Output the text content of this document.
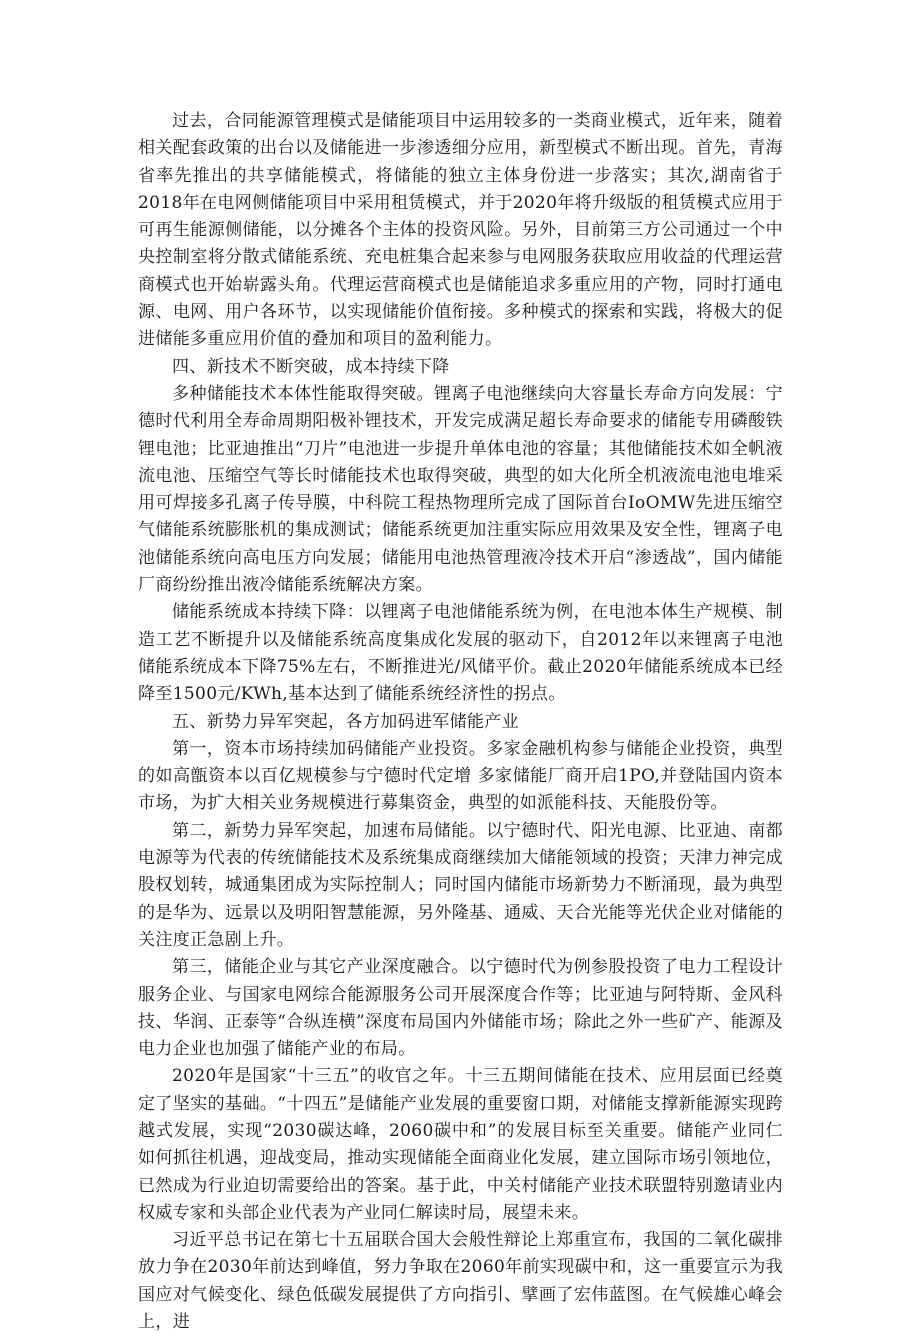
过去，合同能源管理模式是储能项目中运用较多的一类商业模式，近年来，随着相关配套政策的出台以及储能进一步渗透细分应用，新型模式不断出现。首先，青海省率先推出的共享储能模式，将储能的独立主体身份进一步落实；其次,湖南省于2018年在电网侧储能项目中采用租赁模式，并于2020年将升级版的租赁模式应用于可再生能源侧储能，以分摊各个主体的投资风险。另外，目前第三方公司通过一个中央控制室将分散式储能系统、充电桩集合起来参与电网服务获取应用收益的代理运营商模式也开始崭露头角。代理运营商模式也是储能追求多重应用的产物，同时打通电源、电网、用户各环节，以实现储能价值衔接。多种模式的探索和实践，将极大的促进储能多重应用价值的叠加和项目的盈利能力。

四、新技术不断突破，成本持续下降

多种储能技术本体性能取得突破。锂离子电池继续向大容量长寿命方向发展：宁德时代利用全寿命周期阳极补锂技术，开发完成满足超长寿命要求的储能专用磷酸铁锂电池；比亚迪推出“刀片”电池进一步提升单体电池的容量；其他储能技术如全帆液流电池、压缩空气等长时储能技术也取得突破，典型的如大化所全机液流电池电堆采用可焊接多孔离子传导膜，中科院工程热物理所完成了国际首台IoOMW先进压缩空气储能系统膨胀机的集成测试；储能系统更加注重实际应用效果及安全性，锂离子电池储能系统向高电压方向发展；储能用电池热管理液冷技术开启“渗透战”，国内储能厂商纷纷推出液冷储能系统解决方案。

储能系统成本持续下降：以锂离子电池储能系统为例，在电池本体生产规模、制造工艺不断提升以及储能系统高度集成化发展的驱动下，自2012年以来锂离子电池储能系统成本下降75%左右，不断推进光/风储平价。截止2020年储能系统成本已经降至1500元/KWh,基本达到了储能系统经济性的拐点。

五、新势力异军突起，各方加码进军储能产业

第一，资本市场持续加码储能产业投资。多家金融机构参与储能企业投资，典型的如高甑资本以百亿规模参与宁德时代定增 多家储能厂商开启1PO,并登陆国内资本市场，为扩大相关业务规模进行募集资金，典型的如派能科技、天能股份等。

第二，新势力异军突起，加速布局储能。以宁德时代、阳光电源、比亚迪、南都电源等为代表的传统储能技术及系统集成商继续加大储能领域的投资；天津力神完成股权划转，城通集团成为实际控制人；同时国内储能市场新势力不断涌现，最为典型的是华为、远景以及明阳智慧能源，另外隆基、通威、天合光能等光伏企业对储能的关注度正急剧上升。

第三，储能企业与其它产业深度融合。以宁德时代为例参股投资了电力工程设计服务企业、与国家电网综合能源服务公司开展深度合作等；比亚迪与阿特斯、金风科技、华润、正泰等“合纵连横”深度布局国内外储能市场；除此之外一些矿产、能源及电力企业也加强了储能产业的布局。

2020年是国家“十三五”的收官之年。十三五期间储能在技术、应用层面已经奠定了坚实的基础。“十四五”是储能产业发展的重要窗口期，对储能支撑新能源实现跨越式发展，实现“2030碳达峰，2060碳中和”的发展目标至关重要。储能产业同仁如何抓往机遇，迎战变局，推动实现储能全面商业化发展，建立国际市场引领地位，已然成为行业迫切需要给出的答案。基于此，中关村储能产业技术联盟特别邀请业内权威专家和头部企业代表为产业同仁解读时局，展望未来。

习近平总书记在第七十五届联合国大会般性辩论上郑重宣布，我国的二氧化碳排放力争在2030年前达到峰值，努力争取在2060年前实现碳中和，这一重要宣示为我国应对气候变化、绿色低碳发展提供了方向指引、擘画了宏伟蓝图。在气候雄心峰会上，进
